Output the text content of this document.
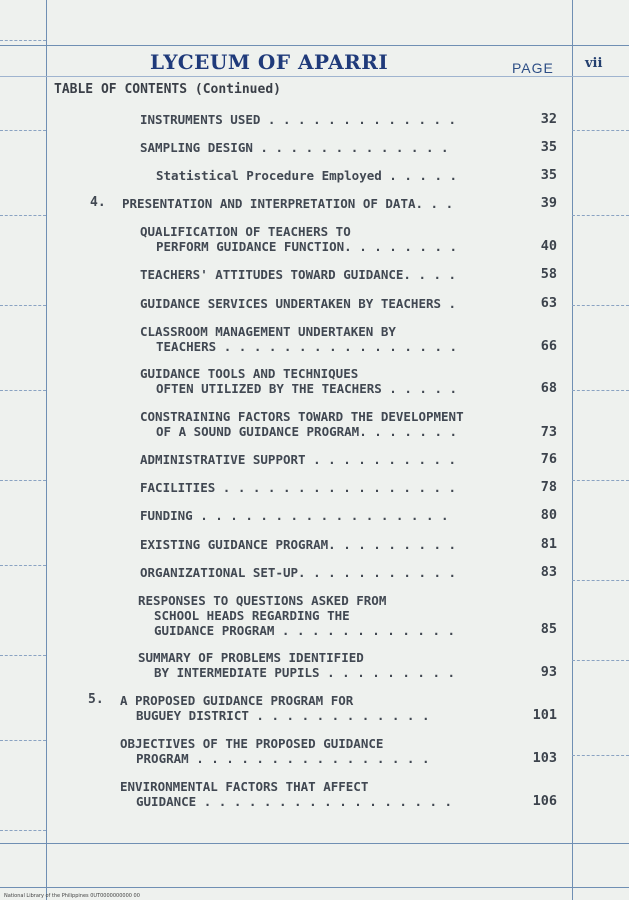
LYCEUM OF APARRI	PAGE vii
TABLE OF CONTENTS (Continued)
INSTRUMENTS USED . . . . . . . . . . . . .	32
SAMPLING DESIGN . . . . . . . . . . . . .	35
Statistical Procedure Employed . . . . .	35
4. PRESENTATION AND INTERPRETATION OF DATA. . .	39
QUALIFICATION OF TEACHERS TO
PERFORM GUIDANCE FUNCTION. . . . . . . .	40
TEACHERS' ATTITUDES TOWARD GUIDANCE. . . .	58
GUIDANCE SERVICES UNDERTAKEN BY TEACHERS .	63
CLASSROOM MANAGEMENT UNDERTAKEN BY
TEACHERS . . . . . . . . . . . . . . . .	66
GUIDANCE TOOLS AND TECHNIQUES
OFTEN UTILIZED BY THE TEACHERS . . . . .	68
CONSTRAINING FACTORS TOWARD THE DEVELOPMENT
OF A SOUND GUIDANCE PROGRAM. . . . . . .	73
ADMINISTRATIVE SUPPORT . . . . . . . . . .	76
FACILITIES . . . . . . . . . . . . . . . .	78
FUNDING . . . . . . . . . . . . . . . . .	80
EXISTING GUIDANCE PROGRAM. . . . . . . . .	81
ORGANIZATIONAL SET-UP. . . . . . . . . . .	83
RESPONSES TO QUESTIONS ASKED FROM
SCHOOL HEADS REGARDING THE
GUIDANCE PROGRAM . . . . . . . . . . . .	85
SUMMARY OF PROBLEMS IDENTIFIED
BY INTERMEDIATE PUPILS . . . . . . . . .	93
5. A PROPOSED GUIDANCE PROGRAM FOR
BUGUEY DISTRICT . . . . . . . . . . . .	101
OBJECTIVES OF THE PROPOSED GUIDANCE
PROGRAM . . . . . . . . . . . . . . . .	103
ENVIRONMENTAL FACTORS THAT AFFECT
GUIDANCE . . . . . . . . . . . . . . . . .	106
National Library of the Philippines 0UT0000000000 00
